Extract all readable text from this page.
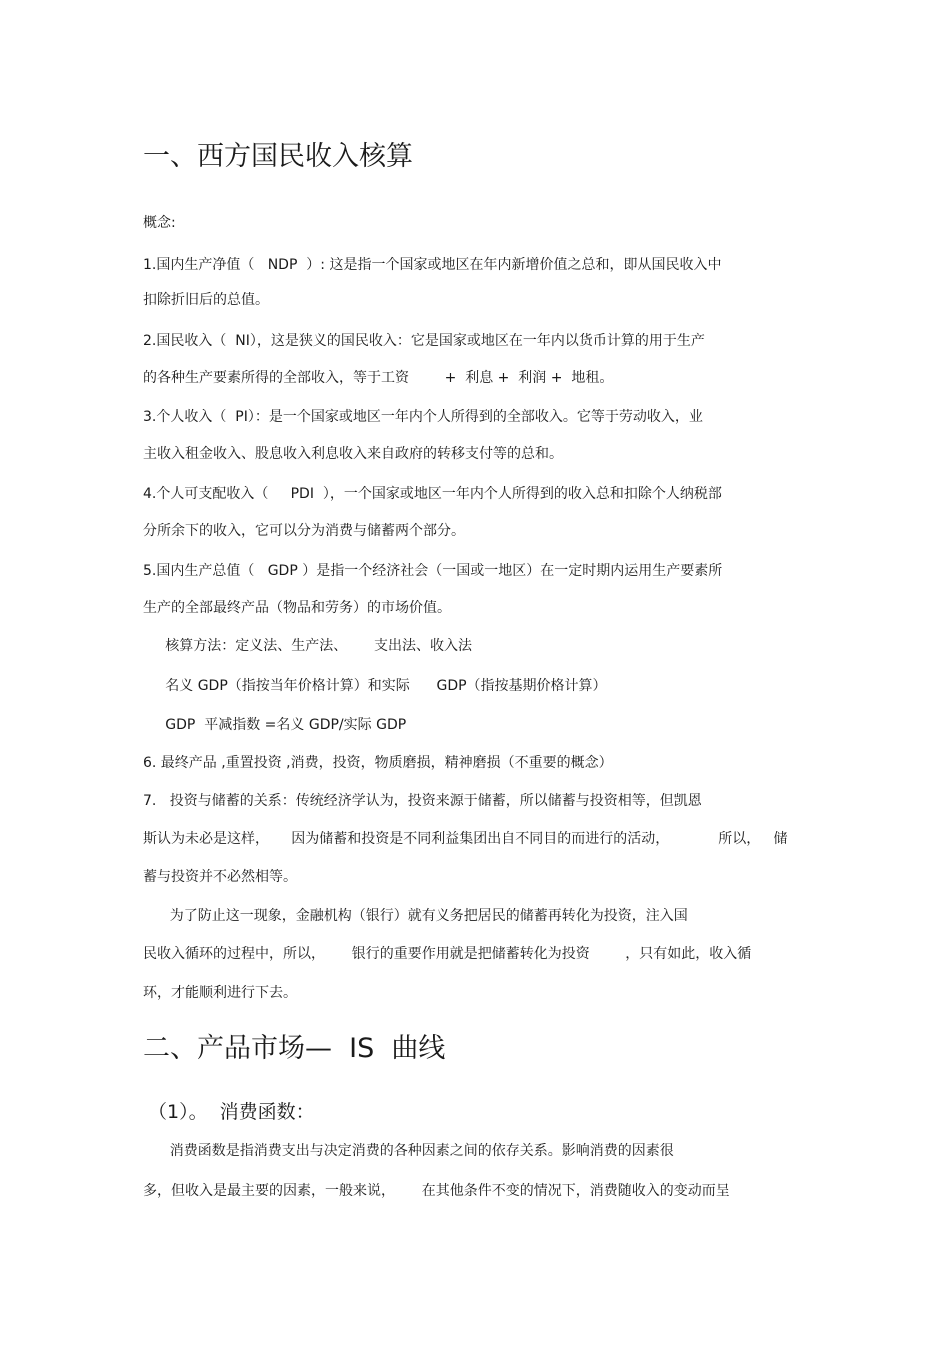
一、西方国民收入核算
概念:
1.国内生产净值（   NDP  ）: 这是指一个国家或地区在年内新增价值之总和，即从国民收入中
扣除折旧后的总值。
2.国民收入（  NI），这是狭义的国民收入：它是国家或地区在一年内以货币计算的用于生产
的各种生产要素所得的全部收入，等于工资        +  利息 +  利润 +  地租。
3.个人收入（  PI）：是一个国家或地区一年内个人所得到的全部收入。它等于劳动收入，业
主收入租金收入、股息收入利息收入来自政府的转移支付等的总和。
4.个人可支配收入（     PDI  ），一个国家或地区一年内个人所得到的收入总和扣除个人纳税部
分所余下的收入，它可以分为消费与储蓄两个部分。
5.国内生产总值（   GDP ）是指一个经济社会（一国或一地区）在一定时期内运用生产要素所
生产的全部最终产品（物品和劳务）的市场价值。
核算方法：定义法、生产法、      支出法、收入法
名义 GDP（指按当年价格计算）和实际      GDP（指按基期价格计算）
GDP  平减指数 =名义 GDP/实际 GDP
6. 最终产品 ,重置投资 ,消费，投资，物质磨损，精神磨损（不重要的概念）
7.   投资与储蓄的关系：传统经济学认为，投资来源于储蓄，所以储蓄与投资相等，但凯恩
斯认为未必是这样，     因为储蓄和投资是不同利益集团出自不同目的而进行的活动，           所以，   储
蓄与投资并不必然相等。
为了防止这一现象，金融机构（银行）就有义务把居民的储蓄再转化为投资，注入国
民收入循环的过程中，所以，      银行的重要作用就是把储蓄转化为投资        ，只有如此，收入循
环，才能顺利进行下去。
二、产品市场—  IS  曲线
（1）。  消费函数：
消费函数是指消费支出与决定消费的各种因素之间的依存关系。影响消费的因素很
多，但收入是最主要的因素，一般来说，      在其他条件不变的情况下，消费随收入的变动而呈
